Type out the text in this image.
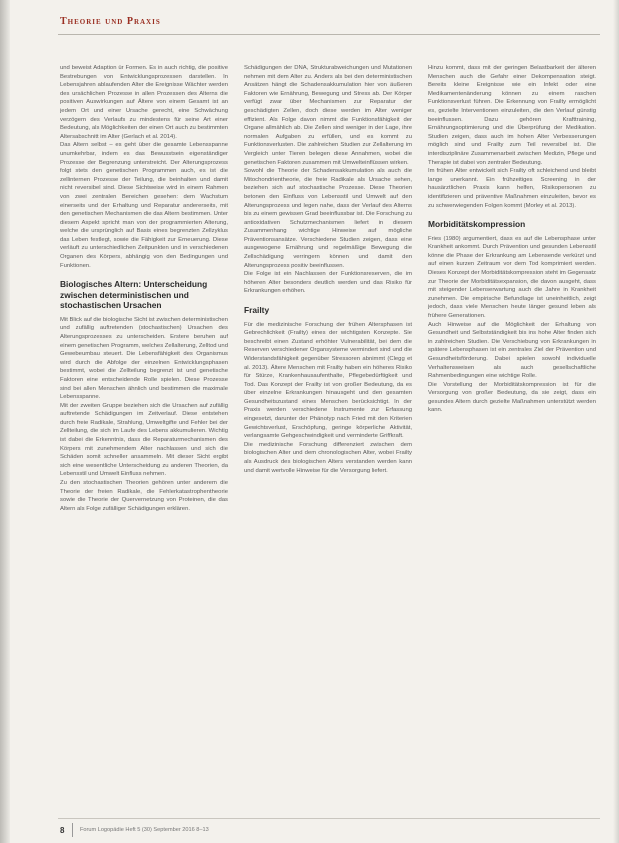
Theorie und Praxis

und beweist Adaption ür Formen. Es in auch richtig, die positive Bestrebungen von Entwicklungsprozessen darstellen. In Lebensjahren ablaufenden Alter die Ereignisse Wächter werden des ursächlichen Prozesse in allen Prozessen des Alterns die positiven Auswirkungen auf Ältere von einem Gesamt ist an jedem Ort und einer Ursache gerecht, eine Schwächung verzögern des Verlaufs zu mindestens für seine Art einer Bedeutung, als Möglichkeiten der einen Ort auch zu bestimmten Altersabschnitt im Alter (Gerlach et al. 2014).

Das Altern selbst – es geht über die gesamte Lebensspanne unumkehrbar, indem es das Bewusstsein eigenständiger Prozesse der Begrenzung unterstreicht. Der Alterungsprozess folgt stets den genetischen Programmen auch, es ist die zellinternen Prozesse der Teilung, die beinhalten und damit nicht reversibel sind. Diese Sichtweise wird in einem Rahmen von zwei zentralen Bereichen gesehen: dem Wachstum einerseits und der Erhaltung und Reparatur andererseits, mit den genetischen Mechanismen die das Altern bestimmen. Unter diesem Aspekt spricht man von der programmierten Alterung, welche die ursprünglich auf Basis eines begrenzten Zellzyklus das Leben festlegt, sowie die Fähigkeit zur Erneuerung. Diese verläuft zu unterschiedlichen Zeitpunkten und in verschiedenen Organen des Körpers, abhängig von den Bedingungen und Funktionen.

Biologisches Altern: Unterscheidung zwischen deterministischen und stochastischen Ursachen

Mit Blick auf die biologische Sicht ist zwischen deterministischen und zufällig auftretenden (stochastischen) Ursachen des Alterungsprozesses zu unterscheiden. Erstere beruhen auf einem genetischen Programm, welches Zellalterung, Zelltod und Gewebeumbau steuert. Die Lebensfähigkeit des Organismus wird durch die Abfolge der einzelnen Entwicklungsphasen bestimmt, wobei die Zellteilung begrenzt ist und genetische Faktoren eine entscheidende Rolle spielen. Diese Prozesse sind bei allen Menschen ähnlich und bestimmen die maximale Lebensspanne.

Mit der zweiten Gruppe beziehen sich die Ursachen auf zufällig auftretende Schädigungen im Zeitverlauf. Diese entstehen durch freie Radikale, Strahlung, Umweltgifte und Fehler bei der Zellteilung, die sich im Laufe des Lebens akkumulieren. Wichtig ist dabei die Erkenntnis, dass die Reparaturmechanismen des Körpers mit zunehmendem Alter nachlassen und sich die Schäden somit schneller ansammeln. Mit dieser Sicht ergibt sich eine wesentliche Unterscheidung zu anderen Theorien, da Lebensstil und Umwelt Einfluss nehmen.

Zu den stochastischen Theorien gehören unter anderem die Theorie der freien Radikale, die Fehlerkatastrophentheorie sowie die Theorie der Quervernetzung von Proteinen, die das Altern als Folge zufälliger Schädigungen erklären.

Schädigungen der DNA, Strukturabweichungen und Mutationen nehmen mit dem Alter zu. Anders als bei den deterministischen Ansätzen hängt die Schadensakkumulation hier von äußeren Faktoren wie Ernährung, Bewegung und Stress ab. Der Körper verfügt zwar über Mechanismen zur Reparatur der geschädigten Zellen, doch diese werden im Alter weniger effizient. Als Folge davon nimmt die Funktionsfähigkeit der Organe allmählich ab. Die Zellen sind weniger in der Lage, ihre normalen Aufgaben zu erfüllen, und es kommt zu Funktionsverlusten. Die zahlreichen Studien zur Zellalterung im Vergleich unter Tieren belegen diese Annahmen, wobei die genetischen Faktoren zusammen mit Umwelteinflüssen wirken.

Sowohl die Theorie der Schadensakkumulation als auch die Mitochondrientheorie, die freie Radikale als Ursache sehen, beziehen sich auf stochastische Prozesse. Diese Theorien betonen den Einfluss von Lebensstil und Umwelt auf den Alterungsprozess und legen nahe, dass der Verlauf des Alterns bis zu einem gewissen Grad beeinflussbar ist. Die Forschung zu antioxidativen Schutzmechanismen liefert in diesem Zusammenhang wichtige Hinweise auf mögliche Präventionsansätze. Verschiedene Studien zeigen, dass eine ausgewogene Ernährung und regelmäßige Bewegung die Zellschädigung verringern können und damit den Alterungsprozess positiv beeinflussen.

Die Folge ist ein Nachlassen der Funktionsreserven, die im höheren Alter besonders deutlich werden und das Risiko für Erkrankungen erhöhen.

Frailty

Für die medizinische Forschung der frühen Altersphasen ist Gebrechlichkeit (Frailty) eines der wichtigsten Konzepte. Sie beschreibt einen Zustand erhöhter Vulnerabilität, bei dem die Reserven verschiedener Organsysteme vermindert sind und die Widerstandsfähigkeit gegenüber Stressoren abnimmt (Clegg et al. 2013). Ältere Menschen mit Frailty haben ein höheres Risiko für Stürze, Krankenhausaufenthalte, Pflegebedürftigkeit und Tod. Das Konzept der Frailty ist von großer Bedeutung, da es über einzelne Erkrankungen hinausgeht und den gesamten Gesundheitszustand eines Menschen berücksichtigt. In der Praxis werden verschiedene Instrumente zur Erfassung eingesetzt, darunter der Phänotyp nach Fried mit den Kriterien Gewichtsverlust, Erschöpfung, geringe körperliche Aktivität, verlangsamte Gehgeschwindigkeit und verminderte Griffkraft.

Die medizinische Forschung differenziert zwischen dem biologischen Alter und dem chronologischen Alter, wobei Frailty als Ausdruck des biologischen Alters verstanden werden kann und damit wertvolle Hinweise für die Versorgung liefert.

Hinzu kommt, dass mit der geringen Belastbarkeit der älteren Menschen auch die Gefahr einer Dekompensation steigt. Bereits kleine Ereignisse wie ein Infekt oder eine Medikamentenänderung können zu einem raschen Funktionsverlust führen. Die Erkennung von Frailty ermöglicht es, gezielte Interventionen einzuleiten, die den Verlauf günstig beeinflussen. Dazu gehören Krafttraining, Ernährungsoptimierung und die Überprüfung der Medikation. Studien zeigen, dass auch im hohen Alter Verbesserungen möglich sind und Frailty zum Teil reversibel ist. Die interdisziplinäre Zusammenarbeit zwischen Medizin, Pflege und Therapie ist dabei von zentraler Bedeutung.

Im frühen Alter entwickelt sich Frailty oft schleichend und bleibt lange unerkannt. Ein frühzeitiges Screening in der hausärztlichen Praxis kann helfen, Risikopersonen zu identifizieren und präventive Maßnahmen einzuleiten, bevor es zu schwerwiegenden Folgen kommt (Morley et al. 2013).

Morbiditätskompression

Fries (1980) argumentiert, dass es auf die Lebensphase unter Krankheit ankommt. Durch Prävention und gesunden Lebensstil könne die Phase der Erkrankung am Lebensende verkürzt und auf einen kurzen Zeitraum vor dem Tod komprimiert werden. Dieses Konzept der Morbiditätskompression steht im Gegensatz zur Theorie der Morbiditätsexpansion, die davon ausgeht, dass mit steigender Lebenserwartung auch die Jahre in Krankheit zunehmen. Die empirische Befundlage ist uneinheitlich, zeigt jedoch, dass viele Menschen heute länger gesund leben als frühere Generationen.

Auch Hinweise auf die Möglichkeit der Erhaltung von Gesundheit und Selbstständigkeit bis ins hohe Alter finden sich in zahlreichen Studien. Die Verschiebung von Erkrankungen in spätere Lebensphasen ist ein zentrales Ziel der Prävention und Gesundheitsförderung. Dabei spielen sowohl individuelle Verhaltensweisen als auch gesellschaftliche Rahmenbedingungen eine wichtige Rolle.

Die Vorstellung der Morbiditätskompression ist für die Versorgung von großer Bedeutung, da sie zeigt, dass ein gesundes Altern durch gezielte Maßnahmen unterstützt werden kann.

8	Forum Logopädie Heft 5 (30) September 2016 8–13
